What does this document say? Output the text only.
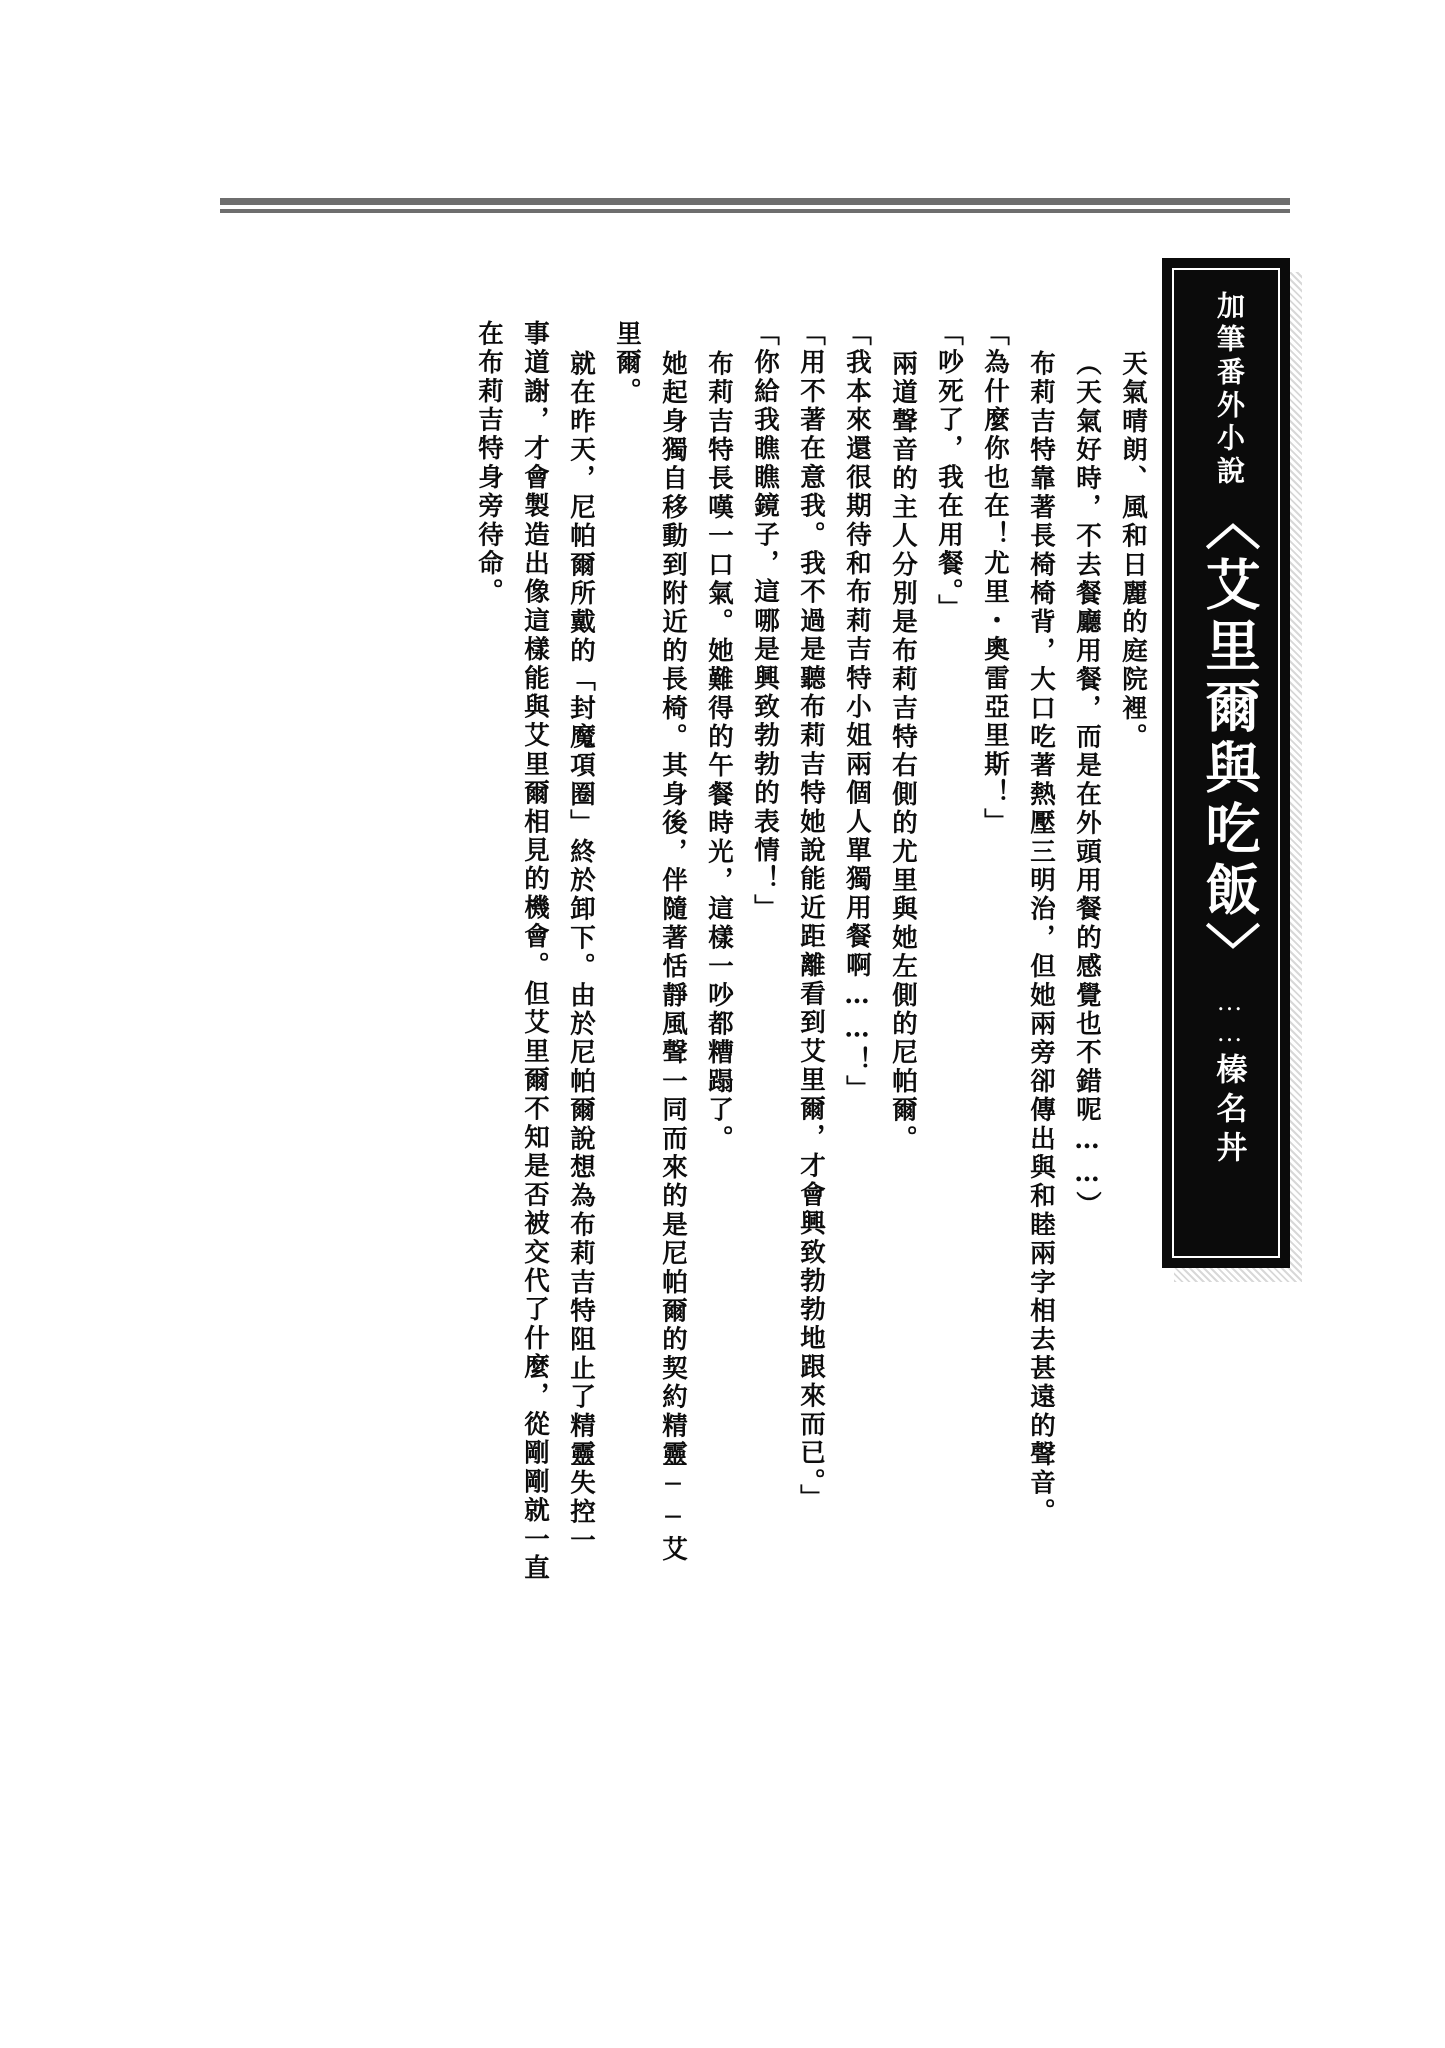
加筆番外小說
〈艾里爾與吃飯〉
……
榛名丼
天氣晴朗、風和日麗的庭院裡。
（天氣好時，不去餐廳用餐，而是在外頭用餐的感覺也不錯呢……）
布莉吉特靠著長椅椅背，大口吃著熱壓三明治，但她兩旁卻傳出與和睦兩字相去甚遠的聲音。
「為什麼你也在！尤里・奧雷亞里斯！」
「吵死了，我在用餐。」
兩道聲音的主人分別是布莉吉特右側的尤里與她左側的尼帕爾。
「我本來還很期待和布莉吉特小姐兩個人單獨用餐啊……！」
「用不著在意我。我不過是聽布莉吉特她說能近距離看到艾里爾，才會興致勃勃地跟來而已。」
「你給我瞧瞧鏡子，這哪是興致勃勃的表情！」
布莉吉特長嘆一口氣。她難得的午餐時光，這樣一吵都糟蹋了。
她起身獨自移動到附近的長椅。其身後，伴隨著恬靜風聲一同而來的是尼帕爾的契約精靈──艾
里爾。
就在昨天，尼帕爾所戴的「封魔項圈」終於卸下。由於尼帕爾說想為布莉吉特阻止了精靈失控一
事道謝，才會製造出像這樣能與艾里爾相見的機會。但艾里爾不知是否被交代了什麼，從剛剛就一直
在布莉吉特身旁待命。
